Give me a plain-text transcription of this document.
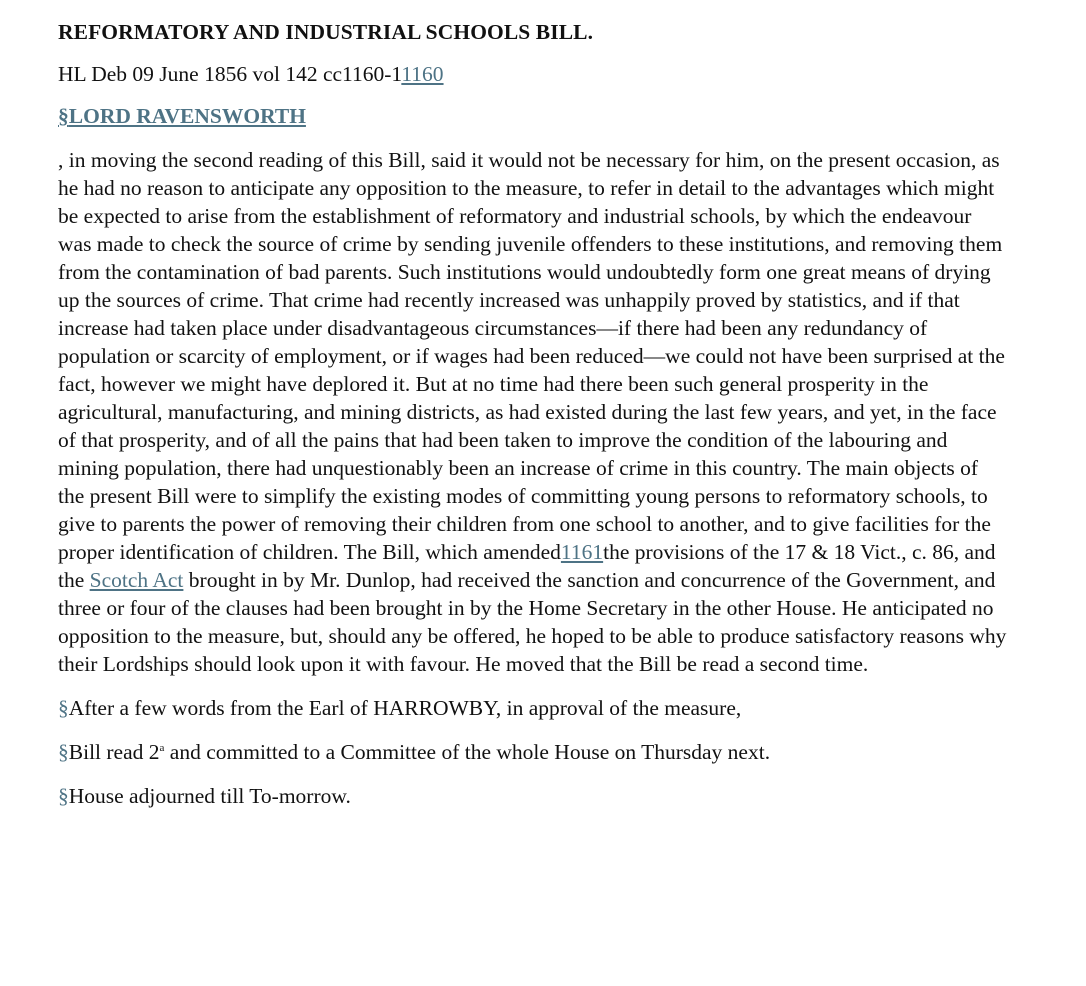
REFORMATORY AND INDUSTRIAL SCHOOLS BILL.
HL Deb 09 June 1856 vol 142 cc1160-11160
§LORD RAVENSWORTH

, in moving the second reading of this Bill, said it would not be necessary for him, on the present occasion, as he had no reason to anticipate any opposition to the measure, to refer in detail to the advantages which might be expected to arise from the establishment of reformatory and industrial schools, by which the endeavour was made to check the source of crime by sending juvenile offenders to these institutions, and removing them from the contamination of bad parents. Such institutions would undoubtedly form one great means of drying up the sources of crime. That crime had recently increased was unhappily proved by statistics, and if that increase had taken place under disadvantageous circumstances—if there had been any redundancy of population or scarcity of employment, or if wages had been reduced—we could not have been surprised at the fact, however we might have deplored it. But at no time had there been such general prosperity in the agricultural, manufacturing, and mining districts, as had existed during the last few years, and yet, in the face of that prosperity, and of all the pains that had been taken to improve the condition of the labouring and mining population, there had unquestionably been an increase of crime in this country. The main objects of the present Bill were to simplify the existing modes of committing young persons to reformatory schools, to give to parents the power of removing their children from one school to another, and to give facilities for the proper identification of children. The Bill, which amended1161the provisions of the 17 & 18 Vict., c. 86, and the Scotch Act brought in by Mr. Dunlop, had received the sanction and concurrence of the Government, and three or four of the clauses had been brought in by the Home Secretary in the other House. He anticipated no opposition to the measure, but, should any be offered, he hoped to be able to produce satisfactory reasons why their Lordships should look upon it with favour. He moved that the Bill be read a second time.

§After a few words from the Earl of HARROWBY, in approval of the measure,

§Bill read 2$^a$ and committed to a Committee of the whole House on Thursday next.

§House adjourned till To-morrow.
